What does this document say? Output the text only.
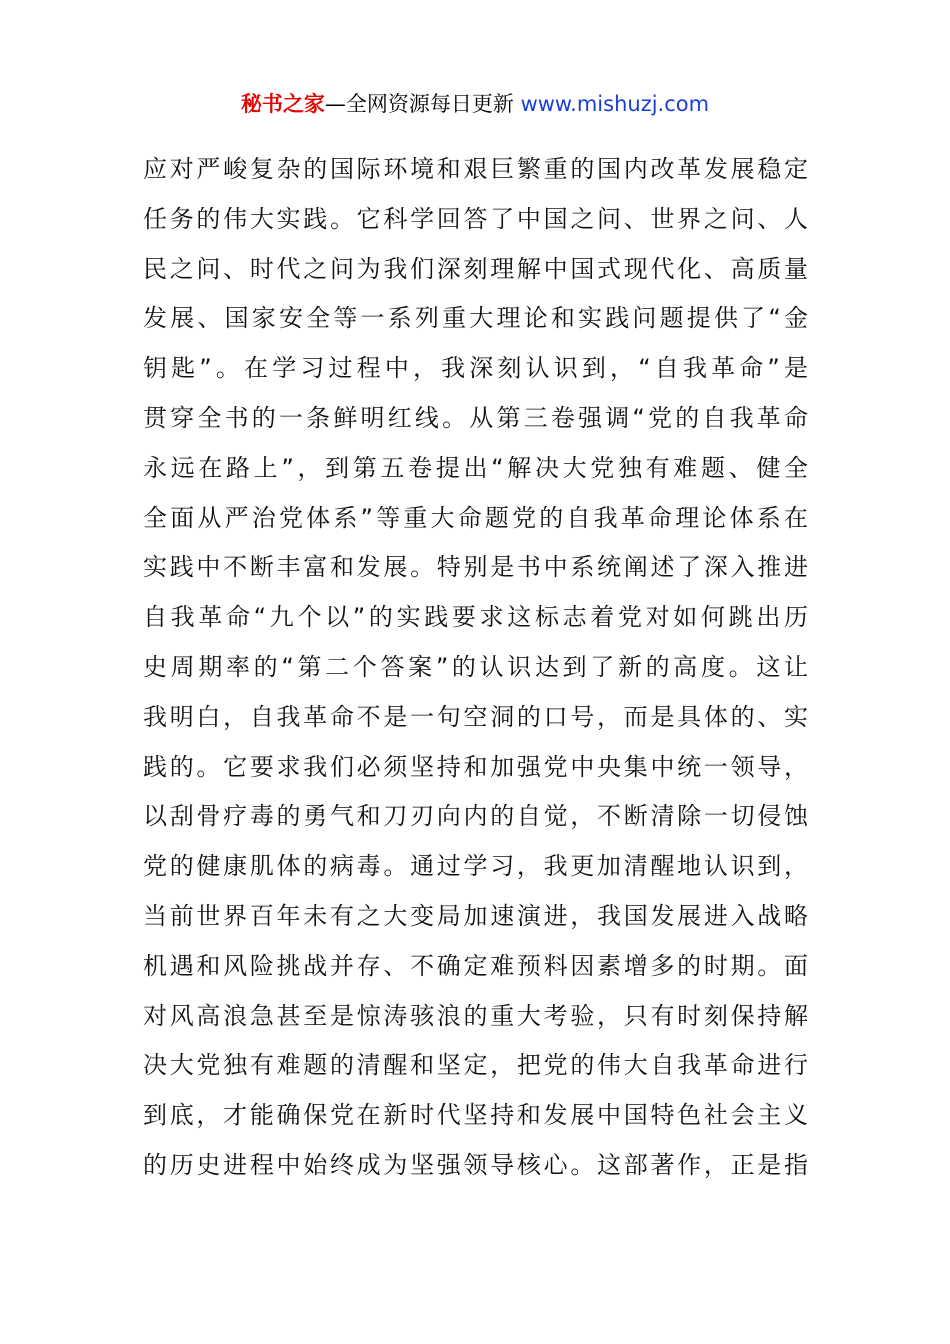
秘书之家—全网资源每日更新 www.mishuzj.com
应对严峻复杂的国际环境和艰巨繁重的国内改革发展稳定
任务的伟大实践。它科学回答了中国之问、世界之问、人
民之问、时代之问为我们深刻理解中国式现代化、高质量
发展、国家安全等一系列重大理论和实践问题提供了“金
钥匙”。在学习过程中，我深刻认识到，“自我革命”是
贯穿全书的一条鲜明红线。从第三卷强调“党的自我革命
永远在路上”，到第五卷提出“解决大党独有难题、健全
全面从严治党体系”等重大命题党的自我革命理论体系在
实践中不断丰富和发展。特别是书中系统阐述了深入推进
自我革命“九个以”的实践要求这标志着党对如何跳出历
史周期率的“第二个答案”的认识达到了新的高度。这让
我明白，自我革命不是一句空洞的口号，而是具体的、实
践的。它要求我们必须坚持和加强党中央集中统一领导，
以刮骨疗毒的勇气和刀刃向内的自觉，不断清除一切侵蚀
党的健康肌体的病毒。通过学习，我更加清醒地认识到，
当前世界百年未有之大变局加速演进，我国发展进入战略
机遇和风险挑战并存、不确定难预料因素增多的时期。面
对风高浪急甚至是惊涛骇浪的重大考验，只有时刻保持解
决大党独有难题的清醒和坚定，把党的伟大自我革命进行
到底，才能确保党在新时代坚持和发展中国特色社会主义
的历史进程中始终成为坚强领导核心。这部著作，正是指
